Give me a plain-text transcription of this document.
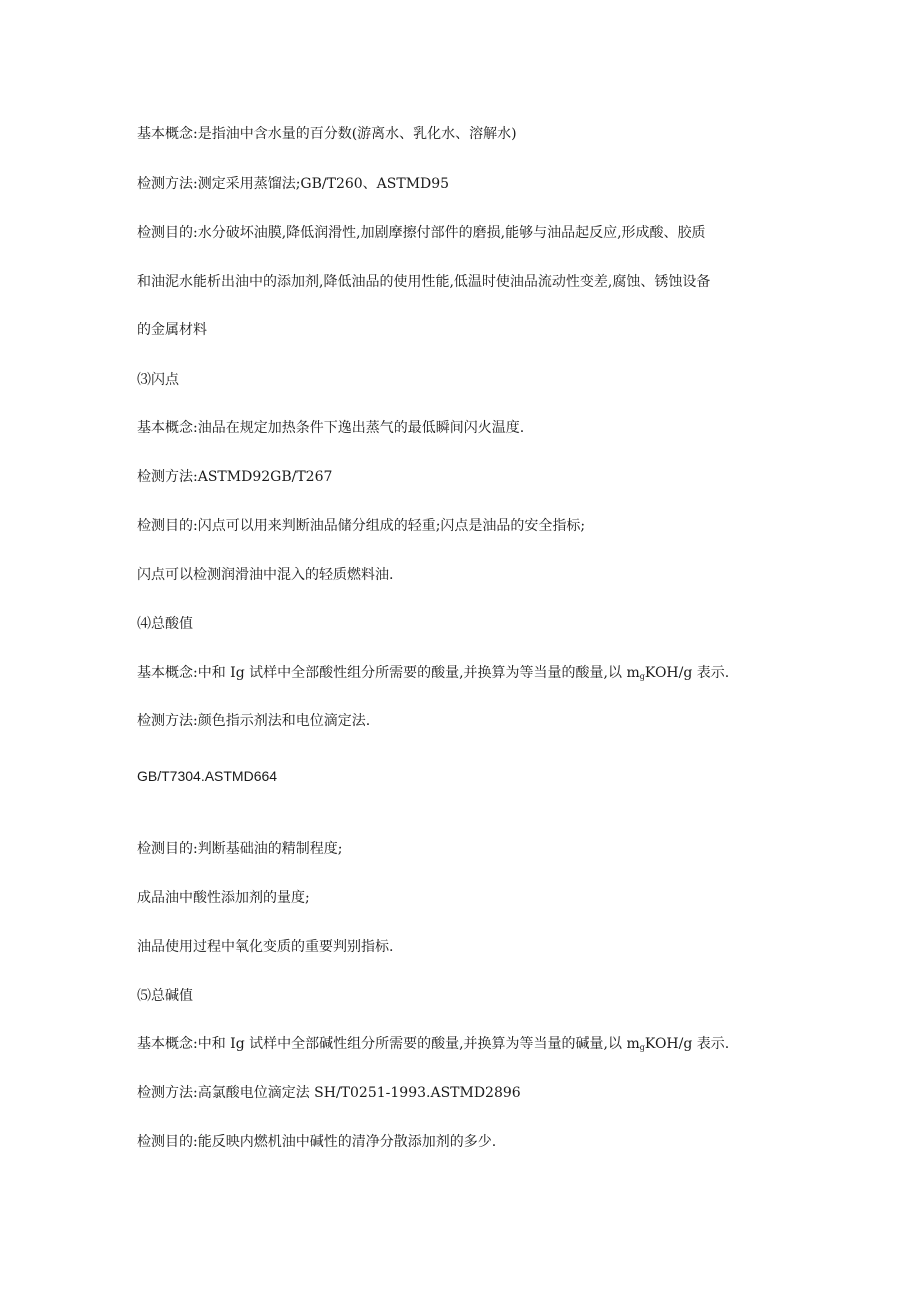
基本概念:是指油中含水量的百分数(游离水、乳化水、溶解水)
检测方法:测定采用蒸馏法;GB/T260、ASTMD95
检测目的:水分破坏油膜,降低润滑性,加剧摩擦付部件的磨损,能够与油品起反应,形成酸、胶质
和油泥水能析出油中的添加剂,降低油品的使用性能,低温时使油品流动性变差,腐蚀、锈蚀设备
的金属材料
⑶闪点
基本概念:油品在规定加热条件下逸出蒸气的最低瞬间闪火温度.
检测方法:ASTMD92GB/T267
检测目的:闪点可以用来判断油品储分组成的轻重;闪点是油品的安全指标;
闪点可以检测润滑油中混入的轻质燃料油.
⑷总酸值
基本概念:中和 Ig 试样中全部酸性组分所需要的酸量,并换算为等当量的酸量,以 $m_gKOH/g$ 表示.
检测方法:颜色指示剂法和电位滴定法.
GB/T7304.ASTMD664
检测目的:判断基础油的精制程度;
成品油中酸性添加剂的量度;
油品使用过程中氧化变质的重要判别指标.
⑸总碱值
基本概念:中和 Ig 试样中全部碱性组分所需要的酸量,并换算为等当量的碱量,以 $m_gKOH/g$ 表示.
检测方法:高氯酸电位滴定法 SH/T0251-1993.ASTMD2896
检测目的:能反映内燃机油中碱性的清净分散添加剂的多少.
